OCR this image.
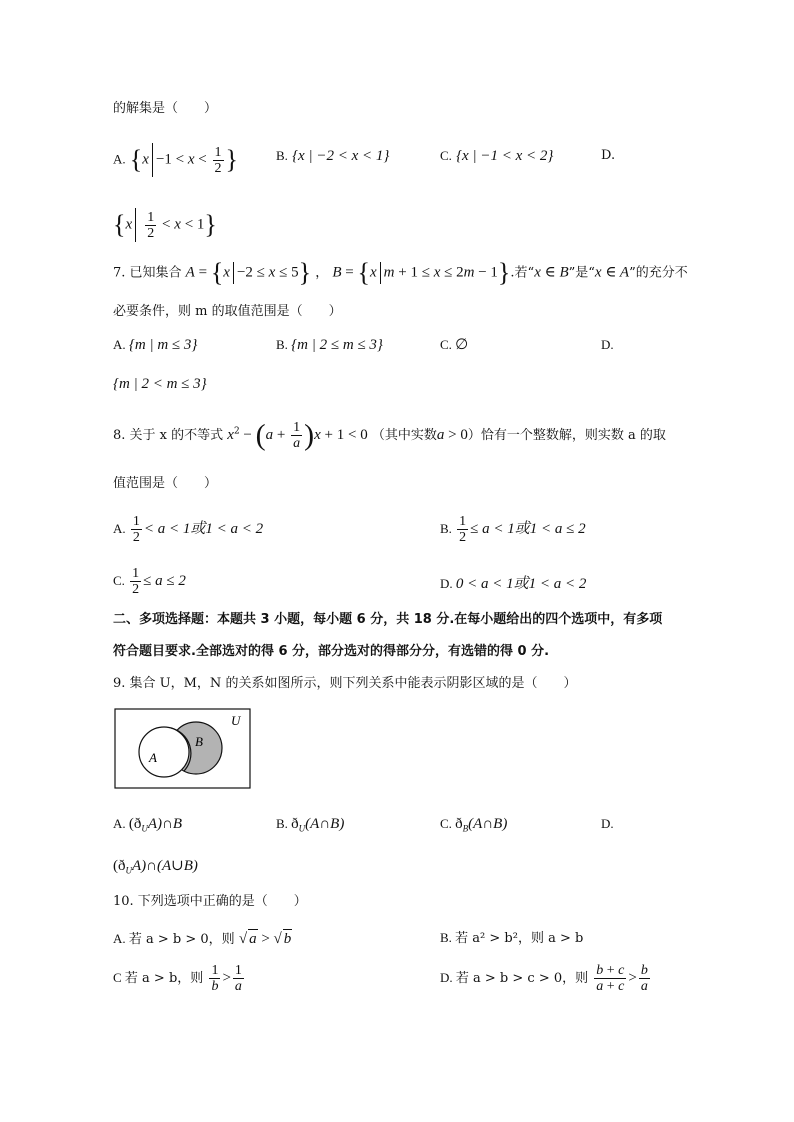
的解集是（　　）
A. {$x -1 < x < \frac{1}{2}$ }	B. {x | −2 < x < 1}	C. {x | −1 < x < 2}	D.
$\{x \frac{1}{2} < x < 1\}$
7. 已知集合 A = {x −2 ≤ x ≤ 5} ， B = {x m + 1 ≤ x ≤ 2m − 1}.若“x ∈ B”是“x ∈ A”的充分不
必要条件，则 m 的取值范围是（　　）
A. {m | m ≤ 3}	B. {m | 2 ≤ m ≤ 3}	C. ∅	D.
{m | 2 < m ≤ 3}
8. 关于 x 的不等式 $x^2 - (a + \frac{1}{a} )x + 1 < 0$ （其中实数a > 0）恰有一个整数解，则实数 a 的取
值范围是（　　）
A. $\frac{1}{2} < a < 1$或1 < a < 2	B. $\frac{1}{2} \le a < 1$或1 < a ≤ 2
C. $\frac{1}{2} \le a \le 2$	D. 0 < a < 1或1 < a < 2
二、多项选择题：本题共 3 小题，每小题 6 分，共 18 分.在每小题给出的四个选项中，有多项
符合题目要求.全部选对的得 6 分，部分选对的得部分分，有选错的得 0 分.
9. 集合 U，M，N 的关系如图所示，则下列关系中能表示阴影区域的是（　　）
U
A
B
A. $(ð_UA)\cap B$	B. $ð_U(A\cap B)$	C. $ð_B(A\cap B)$	D.
$(ð_UA)\cap(A\cup B)$
10. 下列选项中正确的是（　　）
A. 若 a > b > 0，则 √ a > √ b	B. 若 a² > b²，则 a > b
C 若 a > b，则 $\frac{1}{b} > \frac{1}{a}$	D. 若 a > b > c > 0，则 $\frac{b + c}{a + c} > \frac{b}{a}$
